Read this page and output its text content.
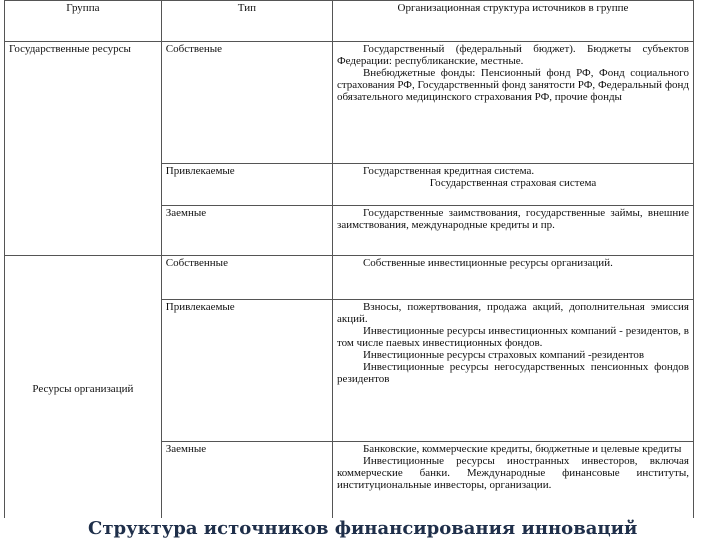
Группа	Тип	Организационная структура источников в группе
Государственные ресурсы	Собственые	Государственный (федеральный бюджет). Бюджеты субъектов Федерации: республиканские, местные.

Внебюджетные фонды: Пенсионный фонд РФ, Фонд социального страхования РФ, Государственный фонд занятости РФ, Федеральный фонд обязательного медицинского страхования РФ, прочие фонды

	Привлекаемые	Государственная кредитная система.

Государственная страховая система

	Заемные	Государственные заимствования, государственные займы, внешние заимствования, международные кредиты и пр.

Ресурсы организаций	Собственные	Собственные инвестиционные ресурсы организаций.

	Привлекаемые	Взносы, пожертвования, продажа акций, дополнительная эмиссия акций.

Инвестиционные ресурсы инвестиционных компаний - резидентов, в том числе паевых инвестиционных фондов.

Инвестиционные ресурсы страховых компаний -резидентов

Инвестиционные ресурсы негосударственных пенсионных фондов резидентов

	Заемные	Банковские, коммерческие кредиты, бюджетные и целевые кредиты

Инвестиционные ресурсы иностранных инвесторов, включая коммерческие банки. Международные финансовые институты, институциональные инвесторы, организации.

Структура источников финансирования инноваций
